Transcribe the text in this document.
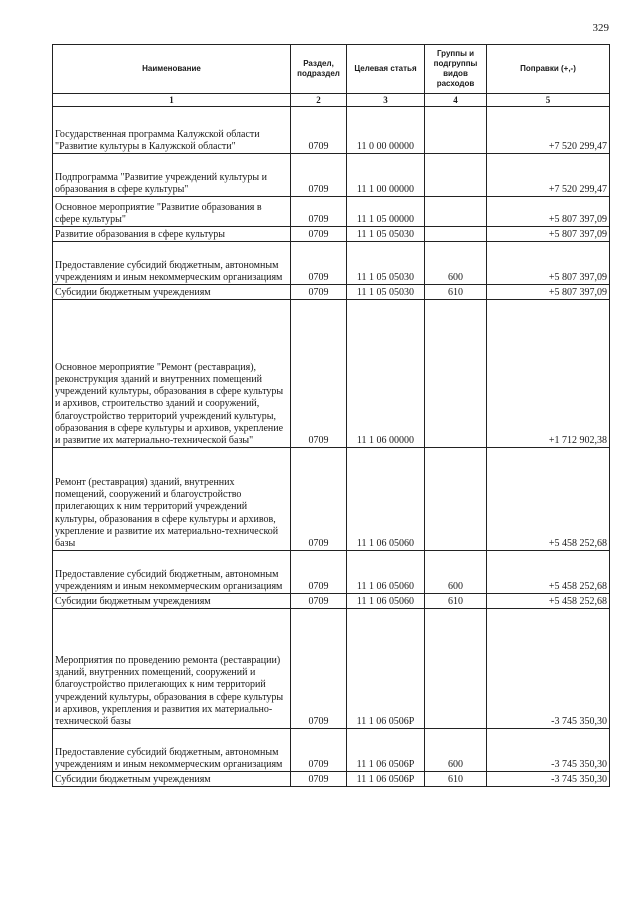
329
Наименование	Раздел, подраздел	Целевая статья	Группы и подгруппы видов расходов	Поправки (+,-)
1	2	3	4	5
Государственная программа Калужской области "Развитие культуры в Калужской области"	0709	11 0 00 00000		+7 520 299,47
Подпрограмма "Развитие учреждений культуры и образования в сфере культуры"	0709	11 1 00 00000		+7 520 299,47
Основное мероприятие "Развитие образования в сфере культуры"	0709	11 1 05 00000		+5 807 397,09
Развитие образования в сфере культуры	0709	11 1 05 05030		+5 807 397,09
Предоставление субсидий бюджетным, автономным учреждениям и иным некоммерческим организациям	0709	11 1 05 05030	600	+5 807 397,09
Субсидии бюджетным учреждениям	0709	11 1 05 05030	610	+5 807 397,09
Основное мероприятие "Ремонт (реставрация), реконструкция зданий и внутренних помещений учреждений культуры, образования в сфере культуры и архивов, строительство зданий и сооружений, благоустройство территорий учреждений культуры, образования в сфере культуры и архивов, укрепление и развитие их материально-технической базы"	0709	11 1 06 00000		+1 712 902,38
Ремонт (реставрация) зданий, внутренних помещений, сооружений и благоустройство прилегающих к ним территорий учреждений культуры, образования в сфере культуры и архивов, укрепление и развитие их материально-технической базы	0709	11 1 06 05060		+5 458 252,68
Предоставление субсидий бюджетным, автономным учреждениям и иным некоммерческим организациям	0709	11 1 06 05060	600	+5 458 252,68
Субсидии бюджетным учреждениям	0709	11 1 06 05060	610	+5 458 252,68
Мероприятия по проведению ремонта (реставрации) зданий, внутренних помещений, сооружений и благоустройство прилегающих к ним территорий учреждений культуры, образования в сфере культуры и архивов, укрепления и развития их материально-технической базы	0709	11 1 06 0506Р		-3 745 350,30
Предоставление субсидий бюджетным, автономным учреждениям и иным некоммерческим организациям	0709	11 1 06 0506Р	600	-3 745 350,30
Субсидии бюджетным учреждениям	0709	11 1 06 0506Р	610	-3 745 350,30
